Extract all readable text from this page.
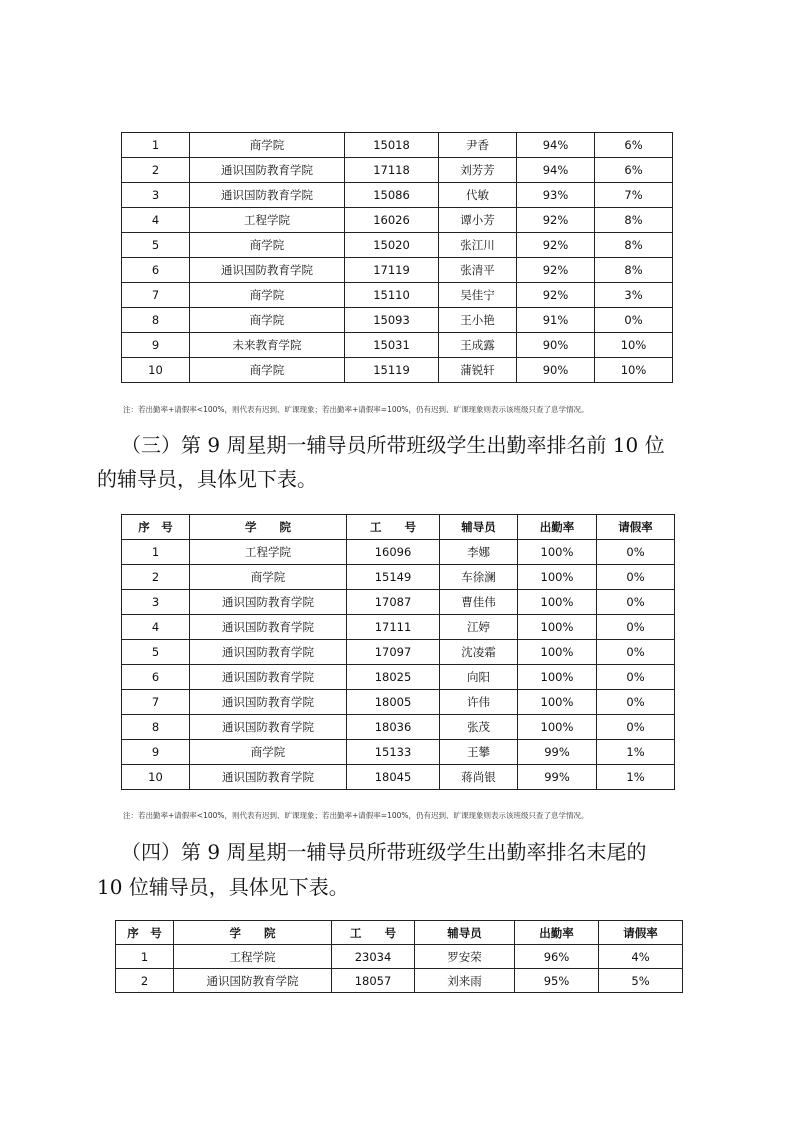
1	商学院	15018	尹香	94%	6%
2	通识国防教育学院	17118	刘芳芳	94%	6%
3	通识国防教育学院	15086	代敏	93%	7%
4	工程学院	16026	谭小芳	92%	8%
5	商学院	15020	张江川	92%	8%
6	通识国防教育学院	17119	张清平	92%	8%
7	商学院	15110	吴佳宁	92%	3%
8	商学院	15093	王小艳	91%	0%
9	未来教育学院	15031	王成露	90%	10%
10	商学院	15119	蒲锐轩	90%	10%
注：若出勤率+请假率<100%，则代表有迟到、旷课现象；若出勤率+请假率=100%，仍有迟到、旷课现象则表示该班级只查了息学情况。
（三）第 9 周星期一辅导员所带班级学生出勤率排名前 10 位
的辅导员，具体见下表。
序　号	学　　院	工　　号	辅导员	出勤率	请假率
1	工程学院	16096	李娜	100%	0%
2	商学院	15149	车徐澜	100%	0%
3	通识国防教育学院	17087	曹佳伟	100%	0%
4	通识国防教育学院	17111	江婷	100%	0%
5	通识国防教育学院	17097	沈凌霜	100%	0%
6	通识国防教育学院	18025	向阳	100%	0%
7	通识国防教育学院	18005	许伟	100%	0%
8	通识国防教育学院	18036	张茂	100%	0%
9	商学院	15133	王攀	99%	1%
10	通识国防教育学院	18045	蒋尚银	99%	1%
注：若出勤率+请假率<100%，则代表有迟到、旷课现象；若出勤率+请假率=100%，仍有迟到、旷课现象则表示该班级只查了息学情况。
（四）第 9 周星期一辅导员所带班级学生出勤率排名末尾的
10 位辅导员，具体见下表。
序　号	学　　院	工　　号	辅导员	出勤率	请假率
1	工程学院	23034	罗安荣	96%	4%
2	通识国防教育学院	18057	刘来雨	95%	5%
